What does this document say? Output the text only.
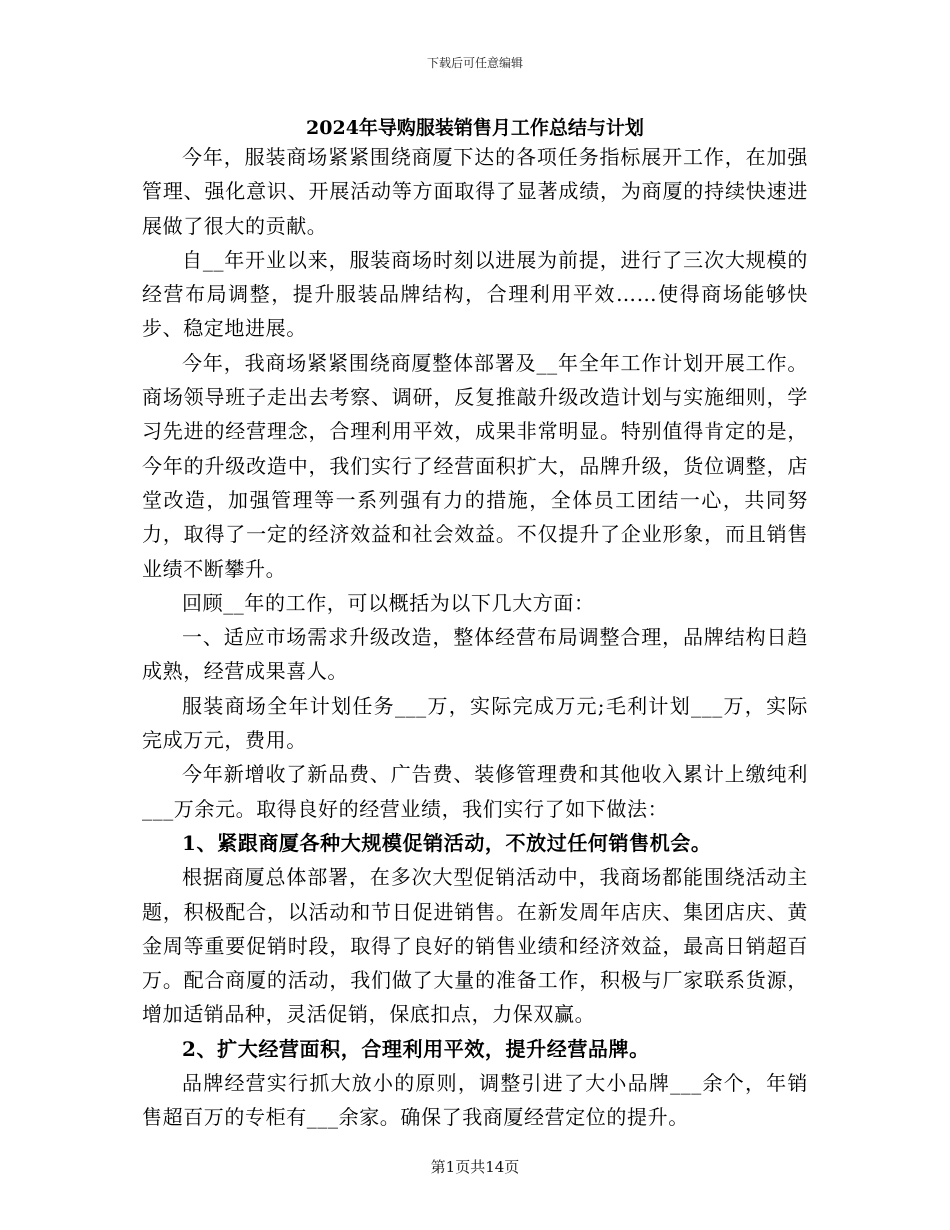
下载后可任意编辑
2024年导购服装销售月工作总结与计划

今年，服装商场紧紧围绕商厦下达的各项任务指标展开工作，在加强管理、强化意识、开展活动等方面取得了显著成绩，为商厦的持续快速进展做了很大的贡献。

自__年开业以来，服装商场时刻以进展为前提，进行了三次大规模的经营布局调整，提升服装品牌结构，合理利用平效……使得商场能够快步、稳定地进展。

今年，我商场紧紧围绕商厦整体部署及__年全年工作计划开展工作。商场领导班子走出去考察、调研，反复推敲升级改造计划与实施细则，学习先进的经营理念，合理利用平效，成果非常明显。特别值得肯定的是，今年的升级改造中，我们实行了经营面积扩大，品牌升级，货位调整，店堂改造，加强管理等一系列强有力的措施，全体员工团结一心，共同努力，取得了一定的经济效益和社会效益。不仅提升了企业形象，而且销售业绩不断攀升。

回顾__年的工作，可以概括为以下几大方面：

一、适应市场需求升级改造，整体经营布局调整合理，品牌结构日趋成熟，经营成果喜人。

服装商场全年计划任务___万，实际完成万元;毛利计划___万，实际完成万元，费用。

今年新增收了新品费、广告费、装修管理费和其他收入累计上缴纯利___万余元。取得良好的经营业绩，我们实行了如下做法：

1、紧跟商厦各种大规模促销活动，不放过任何销售机会。

根据商厦总体部署，在多次大型促销活动中，我商场都能围绕活动主题，积极配合，以活动和节日促进销售。在新发周年店庆、集团店庆、黄金周等重要促销时段，取得了良好的销售业绩和经济效益，最高日销超百万。配合商厦的活动，我们做了大量的准备工作，积极与厂家联系货源，增加适销品种，灵活促销，保底扣点，力保双赢。

2、扩大经营面积，合理利用平效，提升经营品牌。

品牌经营实行抓大放小的原则，调整引进了大小品牌___余个，年销售超百万的专柜有___余家。确保了我商厦经营定位的提升。

第1页共14页
